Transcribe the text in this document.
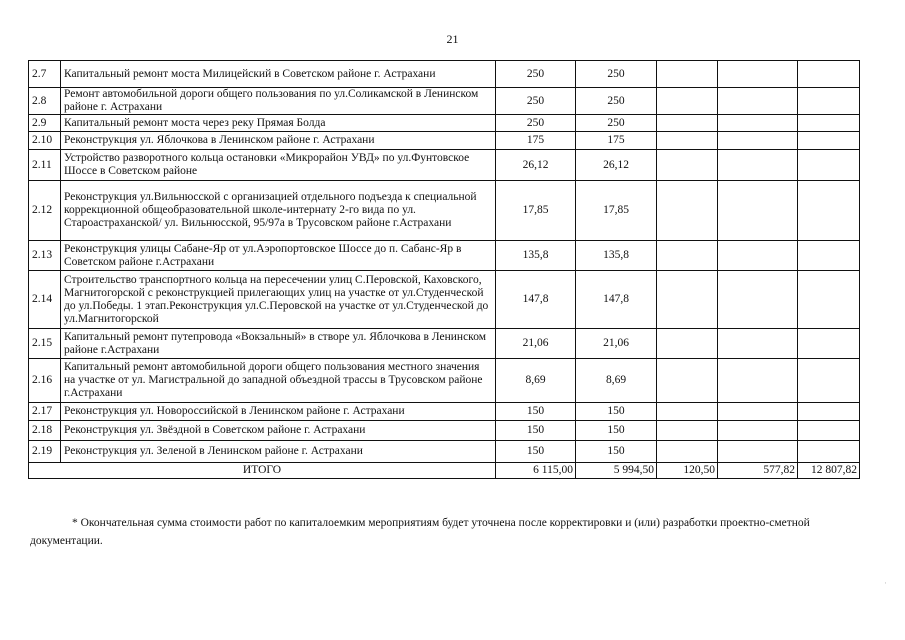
21
2.7	Капитальный ремонт моста Милицейский в Советском районе г. Астрахани	250	250			
2.8	Ремонт автомобильной дороги общего пользования по ул.Соликамской в Ленинском районе г. Астрахани	250	250			
2.9	Капитальный ремонт моста через реку Прямая Болда	250	250			
2.10	Реконструкция ул. Яблочкова в Ленинском районе г. Астрахани	175	175			
2.11	Устройство разворотного кольца остановки «Микрорайон УВД» по ул.Фунтовское Шоссе в Советском районе	26,12	26,12			
2.12	Реконструкция ул.Вильнюсской с организацией отдельного подъезда к специальной коррекционной общеобразовательной школе-интернату 2-го вида по ул. Староастраханской/ ул. Вильнюсской, 95/97а в Трусовском районе г.Астрахани	17,85	17,85			
2.13	Реконструкция улицы Сабане-Яр от ул.Аэропортовское Шоссе до п. Сабанс-Яр в Советском районе г.Астрахани	135,8	135,8			
2.14	Строительство транспортного кольца на пересечении улиц С.Перовской, Каховского, Магнитогорской с реконструкцией прилегающих улиц на участке от ул.Студенческой до ул.Победы. 1 этап.Реконструкция ул.С.Перовской на участке от ул.Студенческой до ул.Магнитогорской	147,8	147,8			
2.15	Капитальный ремонт путепровода «Вокзальный» в створе ул. Яблочкова в Ленинском районе г.Астрахани	21,06	21,06			
2.16	Капитальный ремонт автомобильной дороги общего пользования местного значения на участке от ул. Магистральной до западной объездной трассы в Трусовском районе г.Астрахани	8,69	8,69			
2.17	Реконструкция ул. Новороссийской в Ленинском районе г. Астрахани	150	150			
2.18	Реконструкция ул. Звёздной в Советском районе г. Астрахани	150	150			
2.19	Реконструкция ул. Зеленой в Ленинском районе г. Астрахани	150	150			
ИТОГО		6 115,00	5 994,50	120,50	577,82	12 807,82
* Окончательная сумма стоимости работ по капиталоемким мероприятиям будет уточнена после корректировки и (или) разработки проектно-сметной документации.
·
